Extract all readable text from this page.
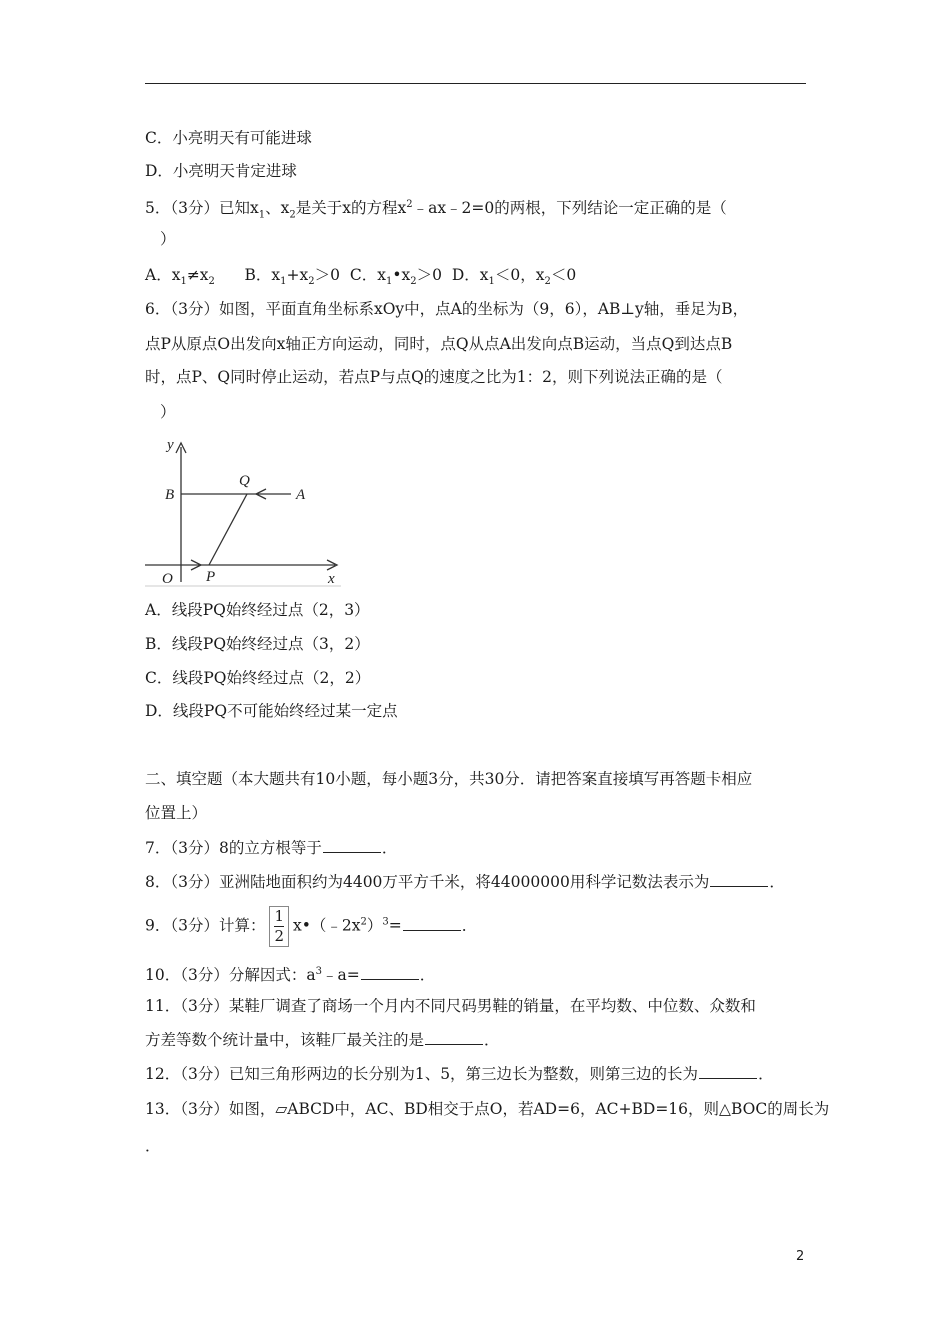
C．小亮明天有可能进球
D．小亮明天肯定进球
5．（3分）已知$x_1$、$x_2$是关于x的方程$x^2﹣ax﹣2=0$的两根，下列结论一定正确的是（
）
A．$x_1\ne x_2$ B．$x_1+x_2>0$ C．$x_1•x_2>0$ D．$x_1<0$，$x_2<0$
6．（3分）如图，平面直角坐标系xOy中，点A的坐标为（9，6），AB⊥y轴，垂足为B，
点P从原点O出发向x轴正方向运动，同时，点Q从点A出发向点B运动，当点Q到达点B
时，点P、Q同时停止运动，若点P与点Q的速度之比为1：2，则下列说法正确的是（
）
y
x
B
Q
A
O P
A．线段PQ始终经过点（2，3）
B．线段PQ始终经过点（3，2）
C．线段PQ始终经过点（2，2）
D．线段PQ不可能始终经过某一定点
二、填空题（本大题共有10小题，每小题3分，共30分．请把答案直接填写再答题卡相应
位置上）
7．（3分）8的立方根等于	．
8．（3分）亚洲陆地面积约为4400万平方千米，将44000000用科学记数法表示为	．
9．（3分）计算： $\frac{1}{2}$ $x•(﹣2x^2)^3=$	．
10．（3分）分解因式：$a^3﹣a=$	．
11．（3分）某鞋厂调查了商场一个月内不同尺码男鞋的销量，在平均数、中位数、众数和
方差等数个统计量中，该鞋厂最关注的是	．
12．（3分）已知三角形两边的长分别为1、5，第三边长为整数，则第三边的长为	．
13．（3分）如图，▱ABCD中，AC、BD相交于点O，若AD=6，AC+BD=16，则△BOC的周长为
．
2
